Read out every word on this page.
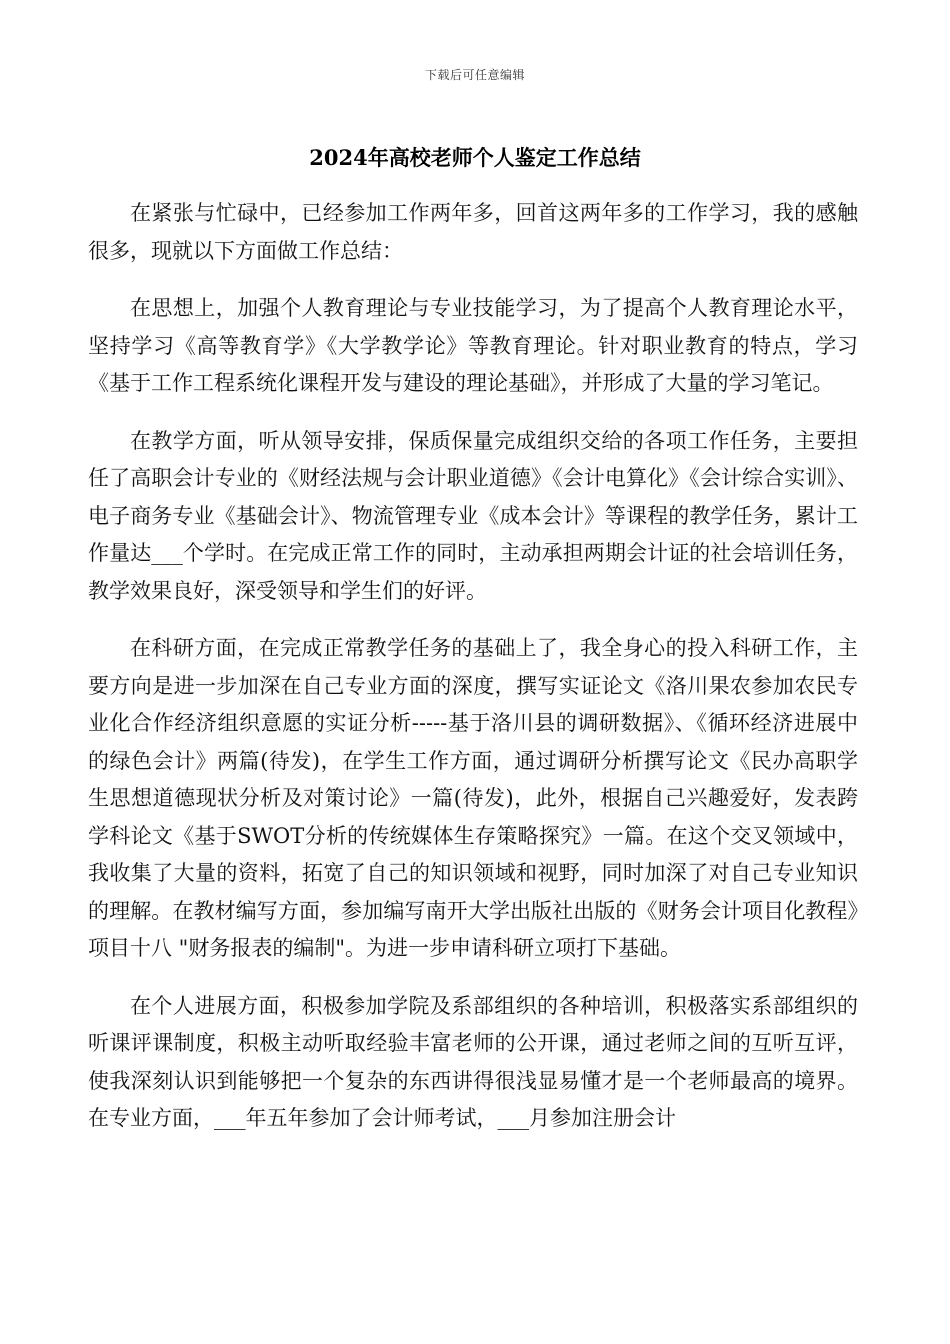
下载后可任意编辑
2024年高校老师个人鉴定工作总结

在紧张与忙碌中，已经参加工作两年多，回首这两年多的工作学习，我的感触很多，现就以下方面做工作总结：

在思想上，加强个人教育理论与专业技能学习，为了提高个人教育理论水平，坚持学习《高等教育学》《大学教学论》等教育理论。针对职业教育的特点，学习《基于工作工程系统化课程开发与建设的理论基础》，并形成了大量的学习笔记。

在教学方面，听从领导安排，保质保量完成组织交给的各项工作任务，主要担任了高职会计专业的《财经法规与会计职业道德》《会计电算化》《会计综合实训》、电子商务专业《基础会计》、物流管理专业《成本会计》等课程的教学任务，累计工作量达___个学时。在完成正常工作的同时，主动承担两期会计证的社会培训任务，教学效果良好，深受领导和学生们的好评。

在科研方面，在完成正常教学任务的基础上了，我全身心的投入科研工作，主要方向是进一步加深在自己专业方面的深度，撰写实证论文《洛川果农参加农民专业化合作经济组织意愿的实证分析-----基于洛川县的调研数据》、《循环经济进展中的绿色会计》两篇(待发)，在学生工作方面，通过调研分析撰写论文《民办高职学生思想道德现状分析及对策讨论》一篇(待发)，此外，根据自己兴趣爱好，发表跨学科论文《基于SWOT分析的传统媒体生存策略探究》一篇。在这个交叉领域中，我收集了大量的资料，拓宽了自己的知识领域和视野，同时加深了对自己专业知识的理解。在教材编写方面，参加编写南开大学出版社出版的《财务会计项目化教程》项目十八 "财务报表的编制"。为进一步申请科研立项打下基础。

在个人进展方面，积极参加学院及系部组织的各种培训，积极落实系部组织的听课评课制度，积极主动听取经验丰富老师的公开课，通过老师之间的互听互评，使我深刻认识到能够把一个复杂的东西讲得很浅显易懂才是一个老师最高的境界。在专业方面，___年五年参加了会计师考试，___月参加注册会计
